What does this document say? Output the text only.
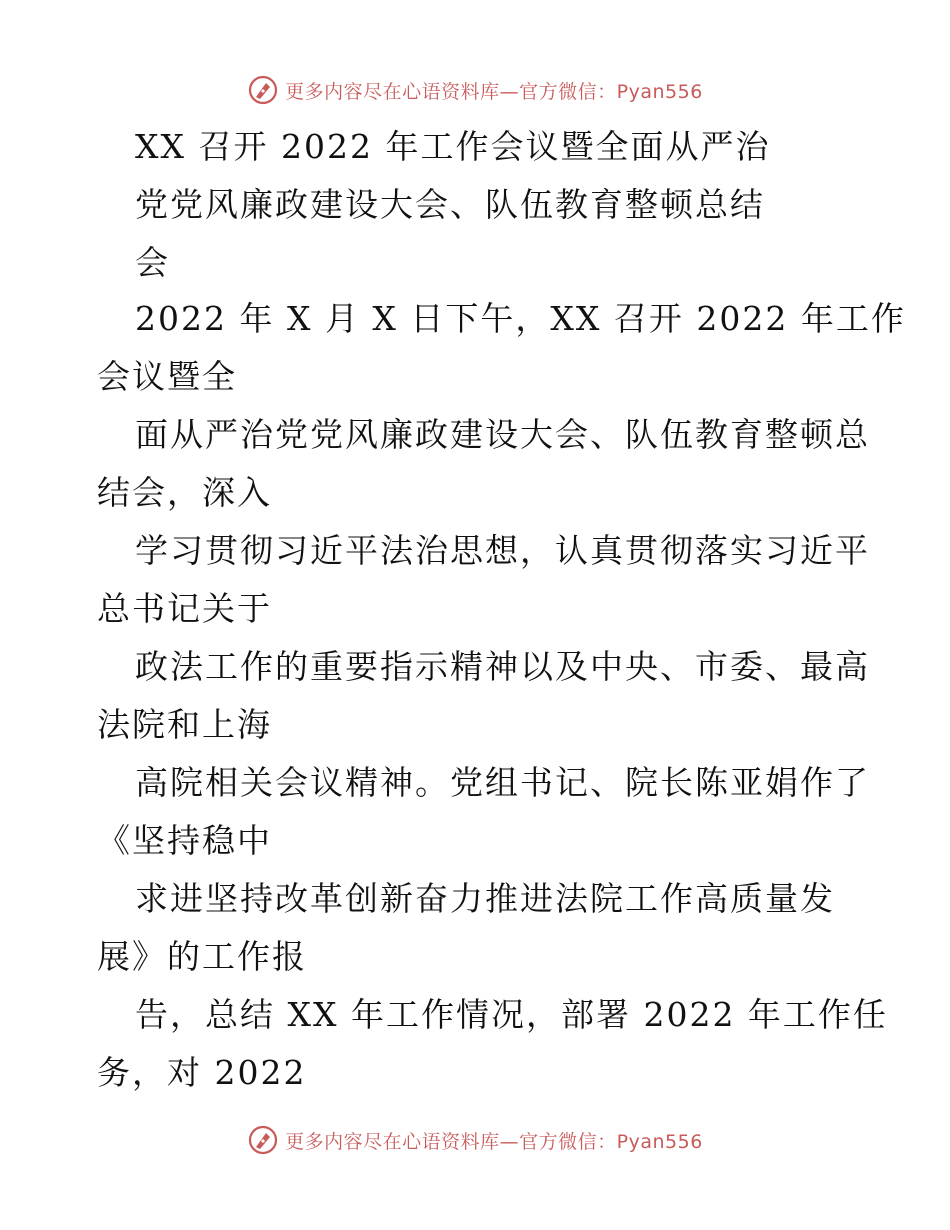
更多内容尽在心语资料库—官方微信：Pyan556
XX 召开 2022 年工作会议暨全面从严治
党党风廉政建设大会、队伍教育整顿总结
会

2022 年 X 月 X 日下午，XX 召开 2022 年工作
会议暨全

面从严治党党风廉政建设大会、队伍教育整顿总
结会，深入

学习贯彻习近平法治思想，认真贯彻落实习近平
总书记关于

政法工作的重要指示精神以及中央、市委、最高
法院和上海

高院相关会议精神。党组书记、院长陈亚娟作了
《坚持稳中

求进坚持改革创新奋力推进法院工作高质量发
展》的工作报

告，总结 XX 年工作情况，部署 2022 年工作任
务，对 2022

更多内容尽在心语资料库—官方微信：Pyan556
